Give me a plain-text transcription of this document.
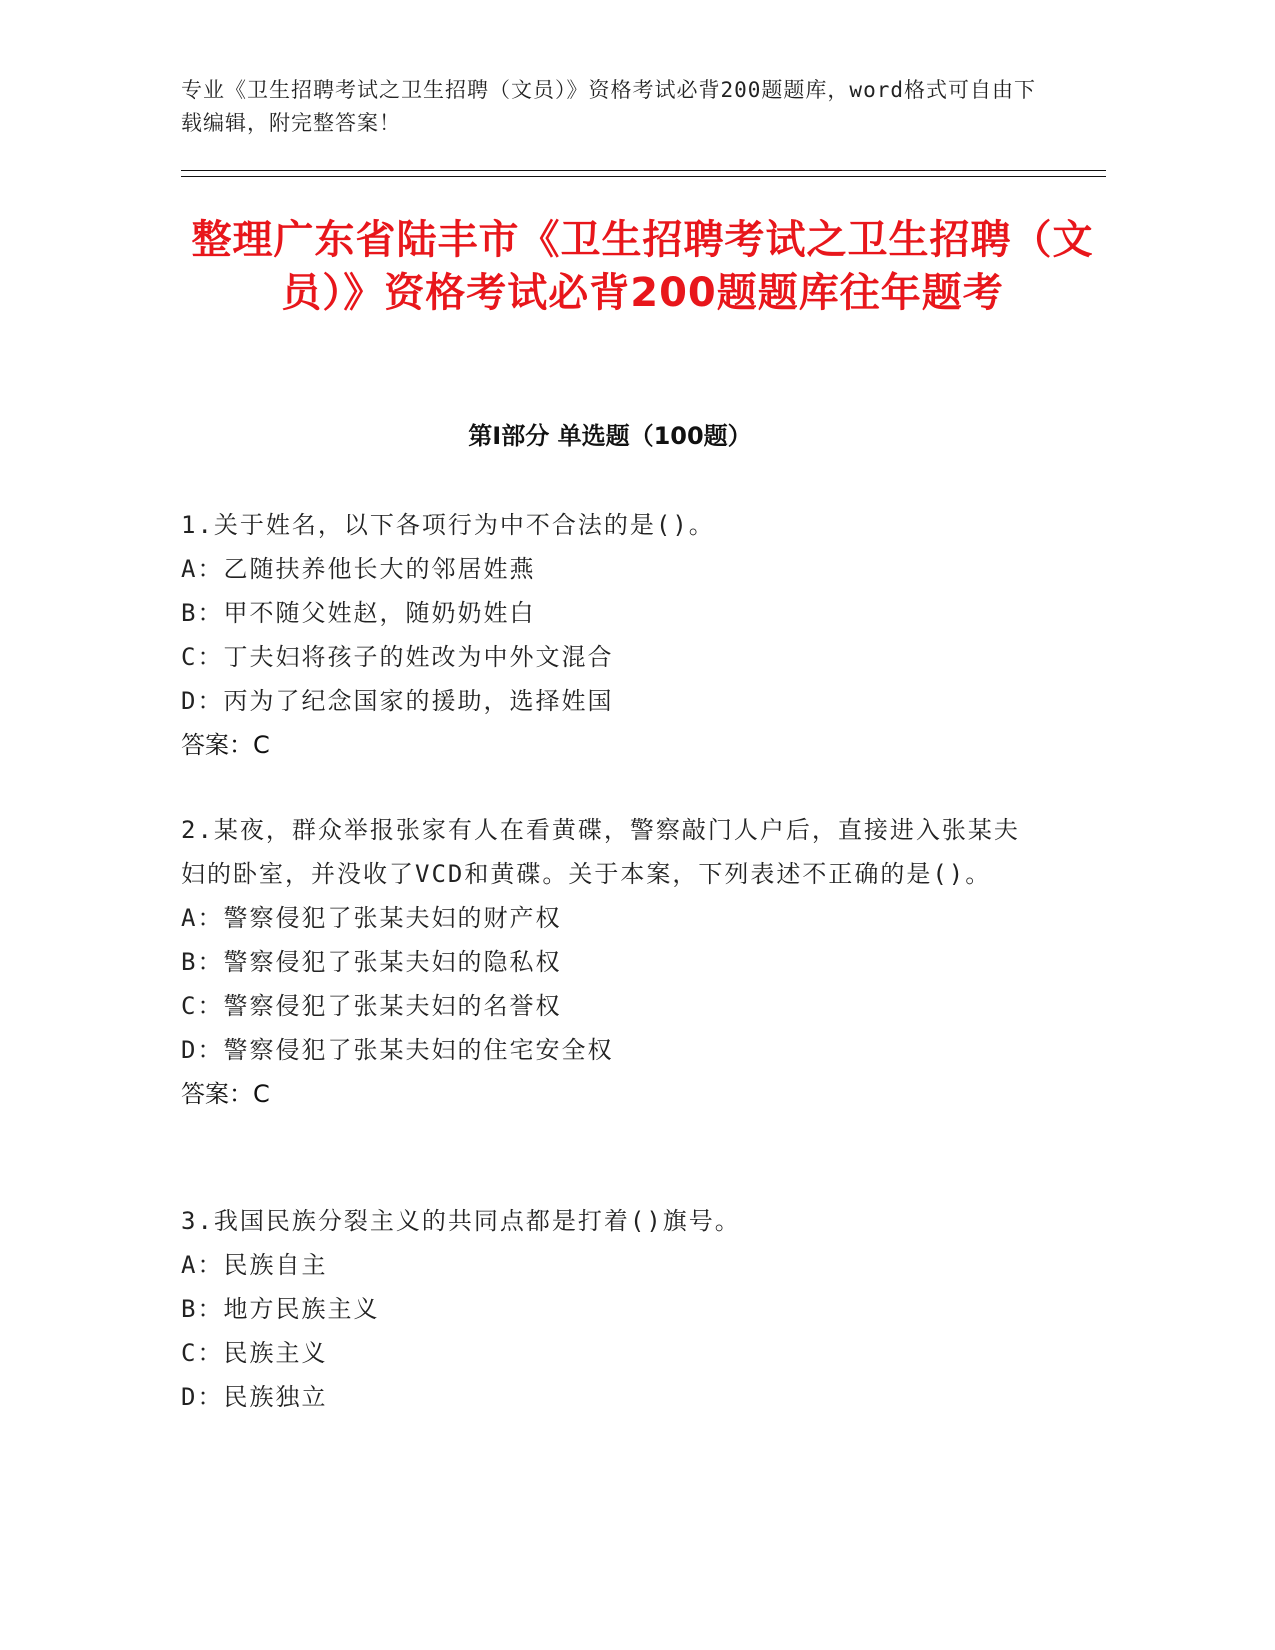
专业《卫生招聘考试之卫生招聘（文员）》资格考试必背200题题库，word格式可自由下载编辑，附完整答案！
整理广东省陆丰市《卫生招聘考试之卫生招聘（文员）》资格考试必背200题题库往年题考
第I部分 单选题（100题）
1.关于姓名，以下各项行为中不合法的是()。
A：乙随扶养他长大的邻居姓燕
B：甲不随父姓赵，随奶奶姓白
C：丁夫妇将孩子的姓改为中外文混合
D：丙为了纪念国家的援助，选择姓国
答案：C
2.某夜，群众举报张家有人在看黄碟，警察敲门人户后，直接进入张某夫妇的卧室，并没收了VCD和黄碟。关于本案，下列表述不正确的是()。
A：警察侵犯了张某夫妇的财产权
B：警察侵犯了张某夫妇的隐私权
C：警察侵犯了张某夫妇的名誉权
D：警察侵犯了张某夫妇的住宅安全权
答案：C
3.我国民族分裂主义的共同点都是打着()旗号。
A：民族自主
B：地方民族主义
C：民族主义
D：民族独立
